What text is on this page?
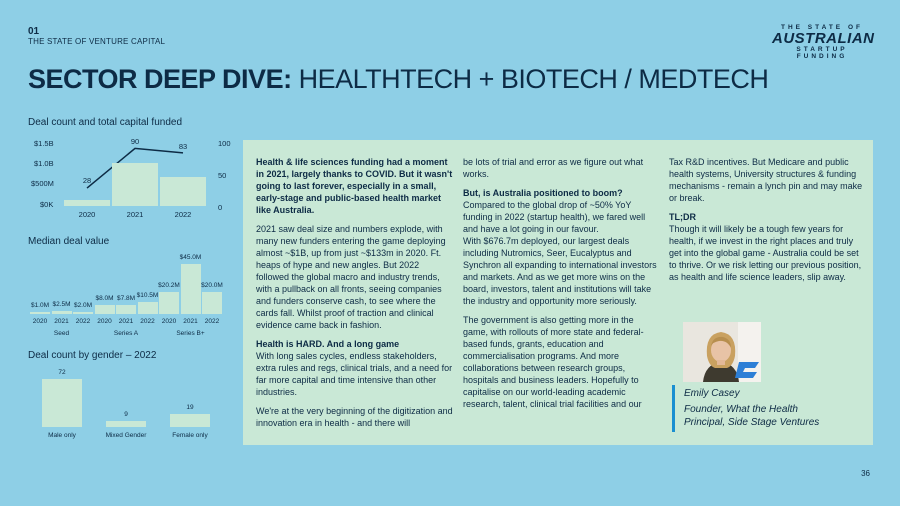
01
THE STATE OF VENTURE CAPITAL
THE STATE OF
AUSTRALIAN
STARTUP FUNDING
SECTOR DEEP DIVE: HEALTHTECH + BIOTECH / MEDTECH
Deal count and total capital funded
$1.5B
$1.0B
$500M
$0K
100
50
0
2020
28
2021
90
2022
83
Median deal value
$1.0M
2020
$2.5M
2021
$2.0M
2022
$8.0M
2020
$7.8M
2021
$10.5M
2022
$20.2M
2020
$45.0M
2021
$20.0M
2022
Seed	Series A	Series B+
Deal count by gender – 2022
72
Male only
9
Mixed Gender
19
Female only

Health & life sciences funding had a moment in 2021, largely thanks to COVID. But it wasn't going to last forever, especially in a small, early-stage and public-based health market like Australia.

2021 saw deal size and numbers explode, with many new funders entering the game deploying almost ~$1B, up from just ~$133m in 2020. Ft. heaps of hype and new angles. But 2022 followed the global macro and industry trends, with a pullback on all fronts, seeing companies and funders conserve cash, to see where the cards fall. Whilst proof of traction and clinical evidence came back in fashion.

Health is HARD. And a long game

With long sales cycles, endless stakeholders, extra rules and regs, clinical trials, and a need for far more capital and time intensive than other industries.

We're at the very beginning of the digitization and innovation era in health - and there will

be lots of trial and error as we figure out what works.

But, is Australia positioned to boom?

Compared to the global drop of ~50% YoY funding in 2022 (startup health), we fared well and have a lot going in our favour.

With $676.7m deployed, our largest deals including Nutromics, Seer, Eucalyptus and Synchron all expanding to international investors and markets. And as we get more wins on the board, investors, talent and institutions will take the industry and opportunity more seriously.

The government is also getting more in the game, with rollouts of more state and federal-based funds, grants, education and commercialisation programs. And more collaborations between research groups, hospitals and business leaders. Hopefully to capitalise on our world-leading academic research, talent, clinical trial facilities and our

Tax R&D incentives. But Medicare and public health systems, University structures & funding mechanisms - remain a lynch pin and may make or break.

TL;DR

Though it will likely be a tough few years for health, if we invest in the right places and truly get into the global game - Australia could be set to thrive. Or we risk letting our previous position, as health and life science leaders, slip away.

Emily Casey
Founder, What the Health
Principal, Side Stage Ventures
36
